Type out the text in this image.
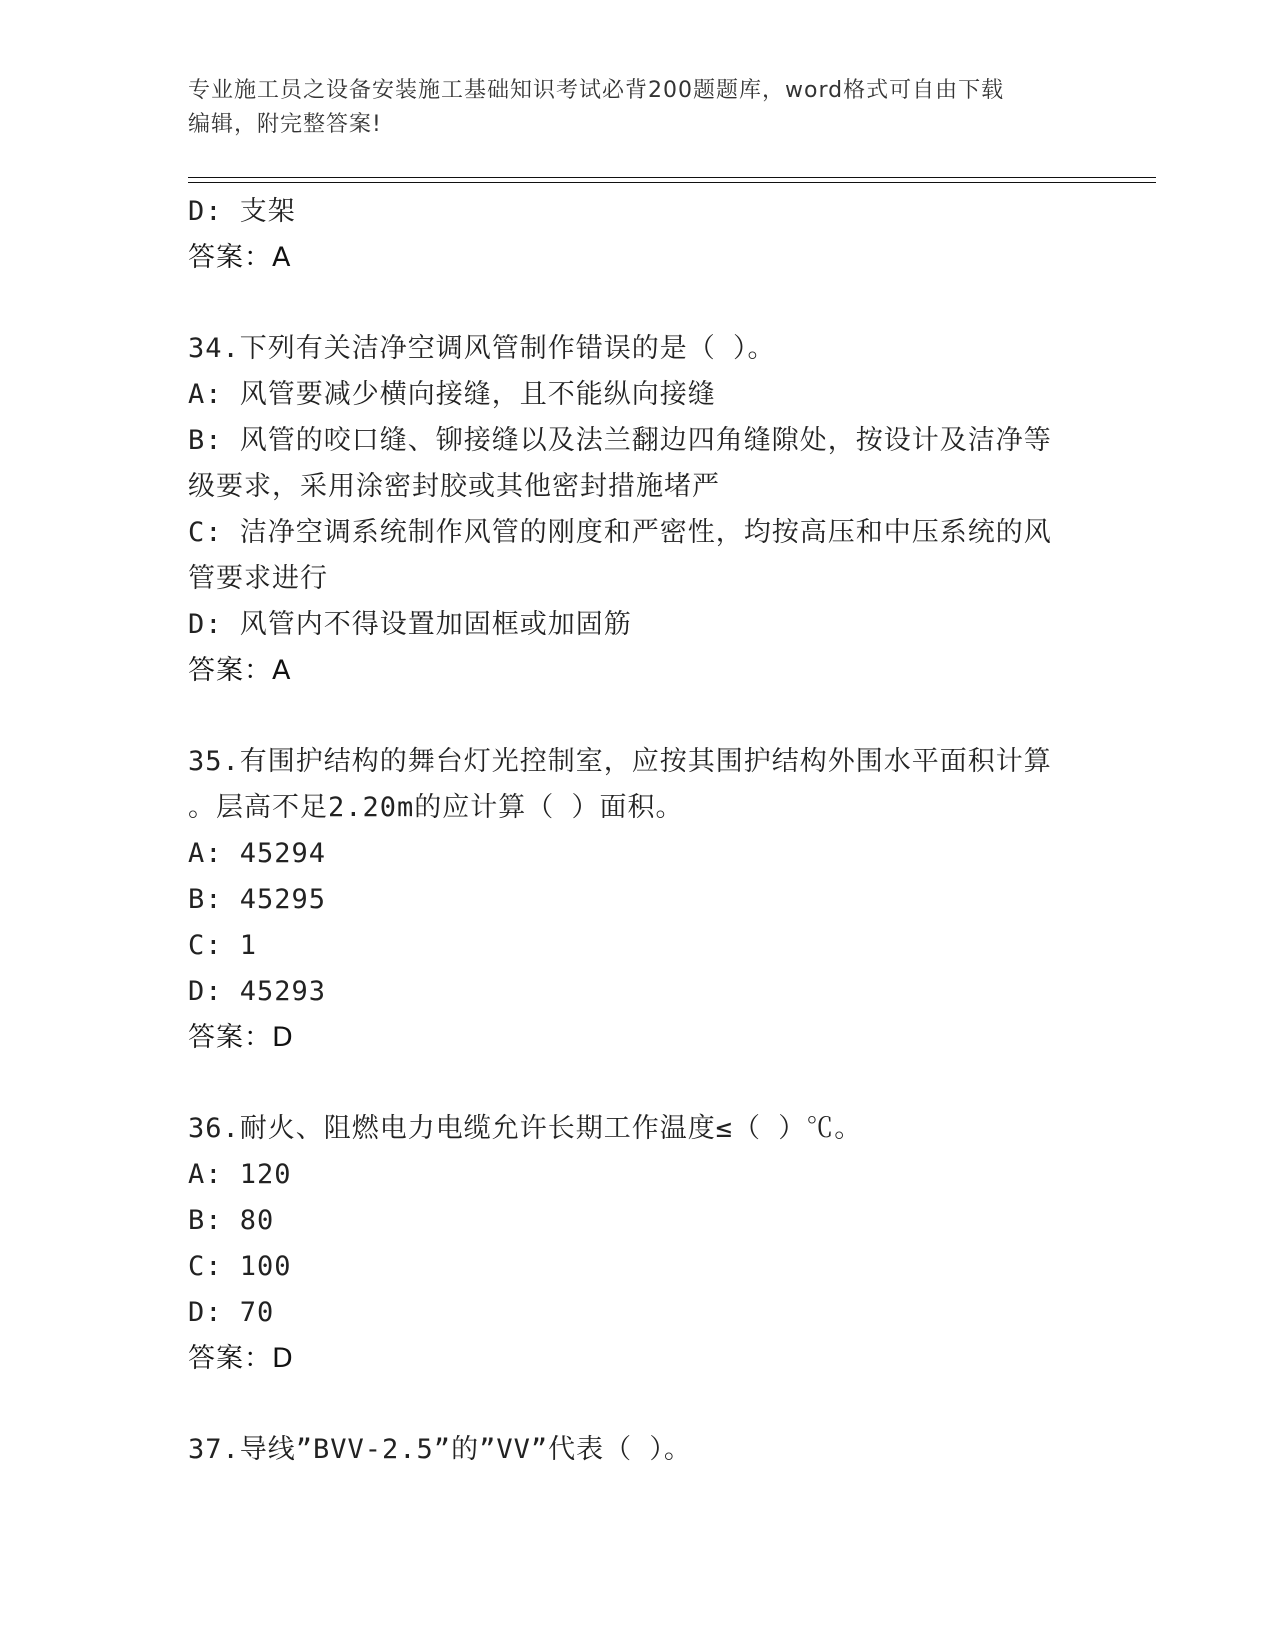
专业施工员之设备安装施工基础知识考试必背200题题库，word格式可自由下载
编辑，附完整答案!
D: 支架
答案：A
34.下列有关洁净空调风管制作错误的是（ ）。
A: 风管要减少横向接缝，且不能纵向接缝
B: 风管的咬口缝、铆接缝以及法兰翻边四角缝隙处，按设计及洁净等
级要求，采用涂密封胶或其他密封措施堵严
C: 洁净空调系统制作风管的刚度和严密性，均按高压和中压系统的风
管要求进行
D: 风管内不得设置加固框或加固筋
答案：A
35.有围护结构的舞台灯光控制室，应按其围护结构外围水平面积计算
。层高不足2.20m的应计算（ ）面积。
A: 45294
B: 45295
C: 1
D: 45293
答案：D
36.耐火、阻燃电力电缆允许长期工作温度≤（ ）℃。
A: 120
B: 80
C: 100
D: 70
答案：D
37.导线”BVV-2.5”的”VV”代表（ ）。
